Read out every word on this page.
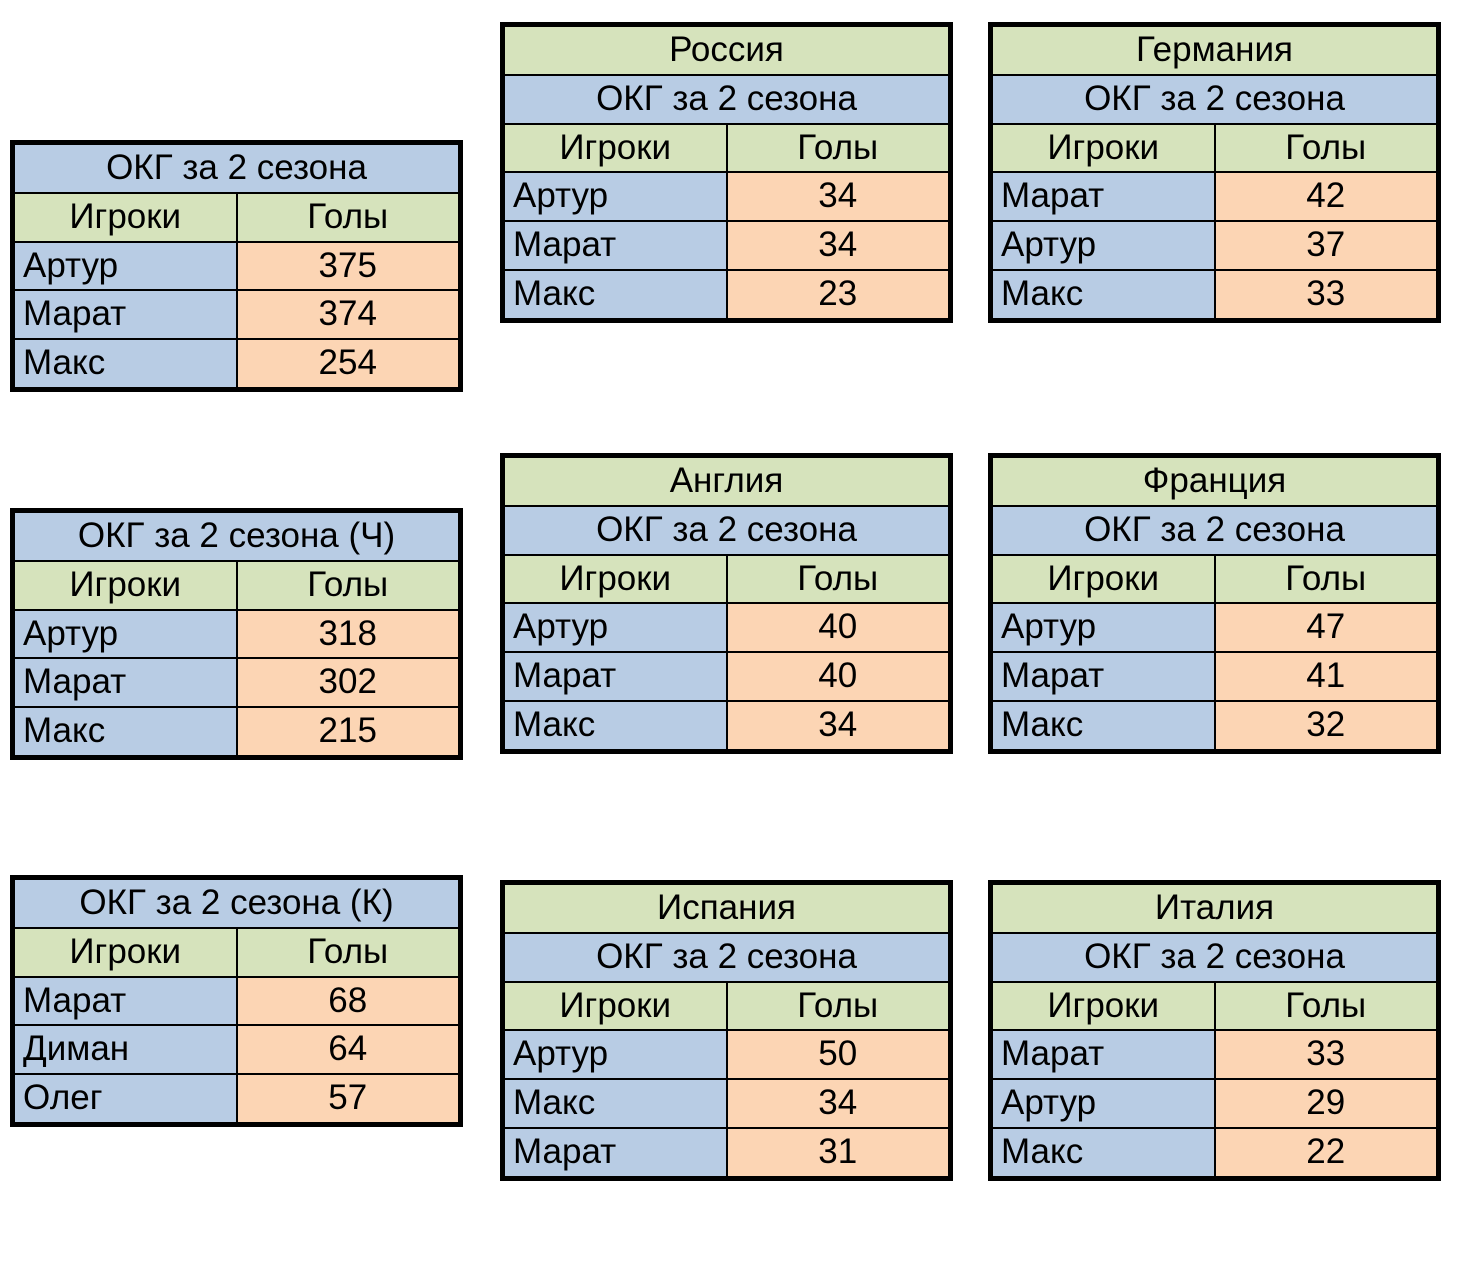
ОКГ за 2 сезона	
Игроки	Голы
Артур	375
Марат	374
Макс	254
ОКГ за 2 сезона (Ч)	
Игроки	Голы
Артур	318
Марат	302
Макс	215
ОКГ за 2 сезона (К)	
Игроки	Голы
Марат	68
Диман	64
Олег	57
Россия	
ОКГ за 2 сезона	
Игроки	Голы
Артур	34
Марат	34
Макс	23
Англия	
ОКГ за 2 сезона	
Игроки	Голы
Артур	40
Марат	40
Макс	34
Испания	
ОКГ за 2 сезона	
Игроки	Голы
Артур	50
Макс	34
Марат	31
Германия	
ОКГ за 2 сезона	
Игроки	Голы
Марат	42
Артур	37
Макс	33
Франция	
ОКГ за 2 сезона	
Игроки	Голы
Артур	47
Марат	41
Макс	32
Италия	
ОКГ за 2 сезона	
Игроки	Голы
Марат	33
Артур	29
Макс	22
